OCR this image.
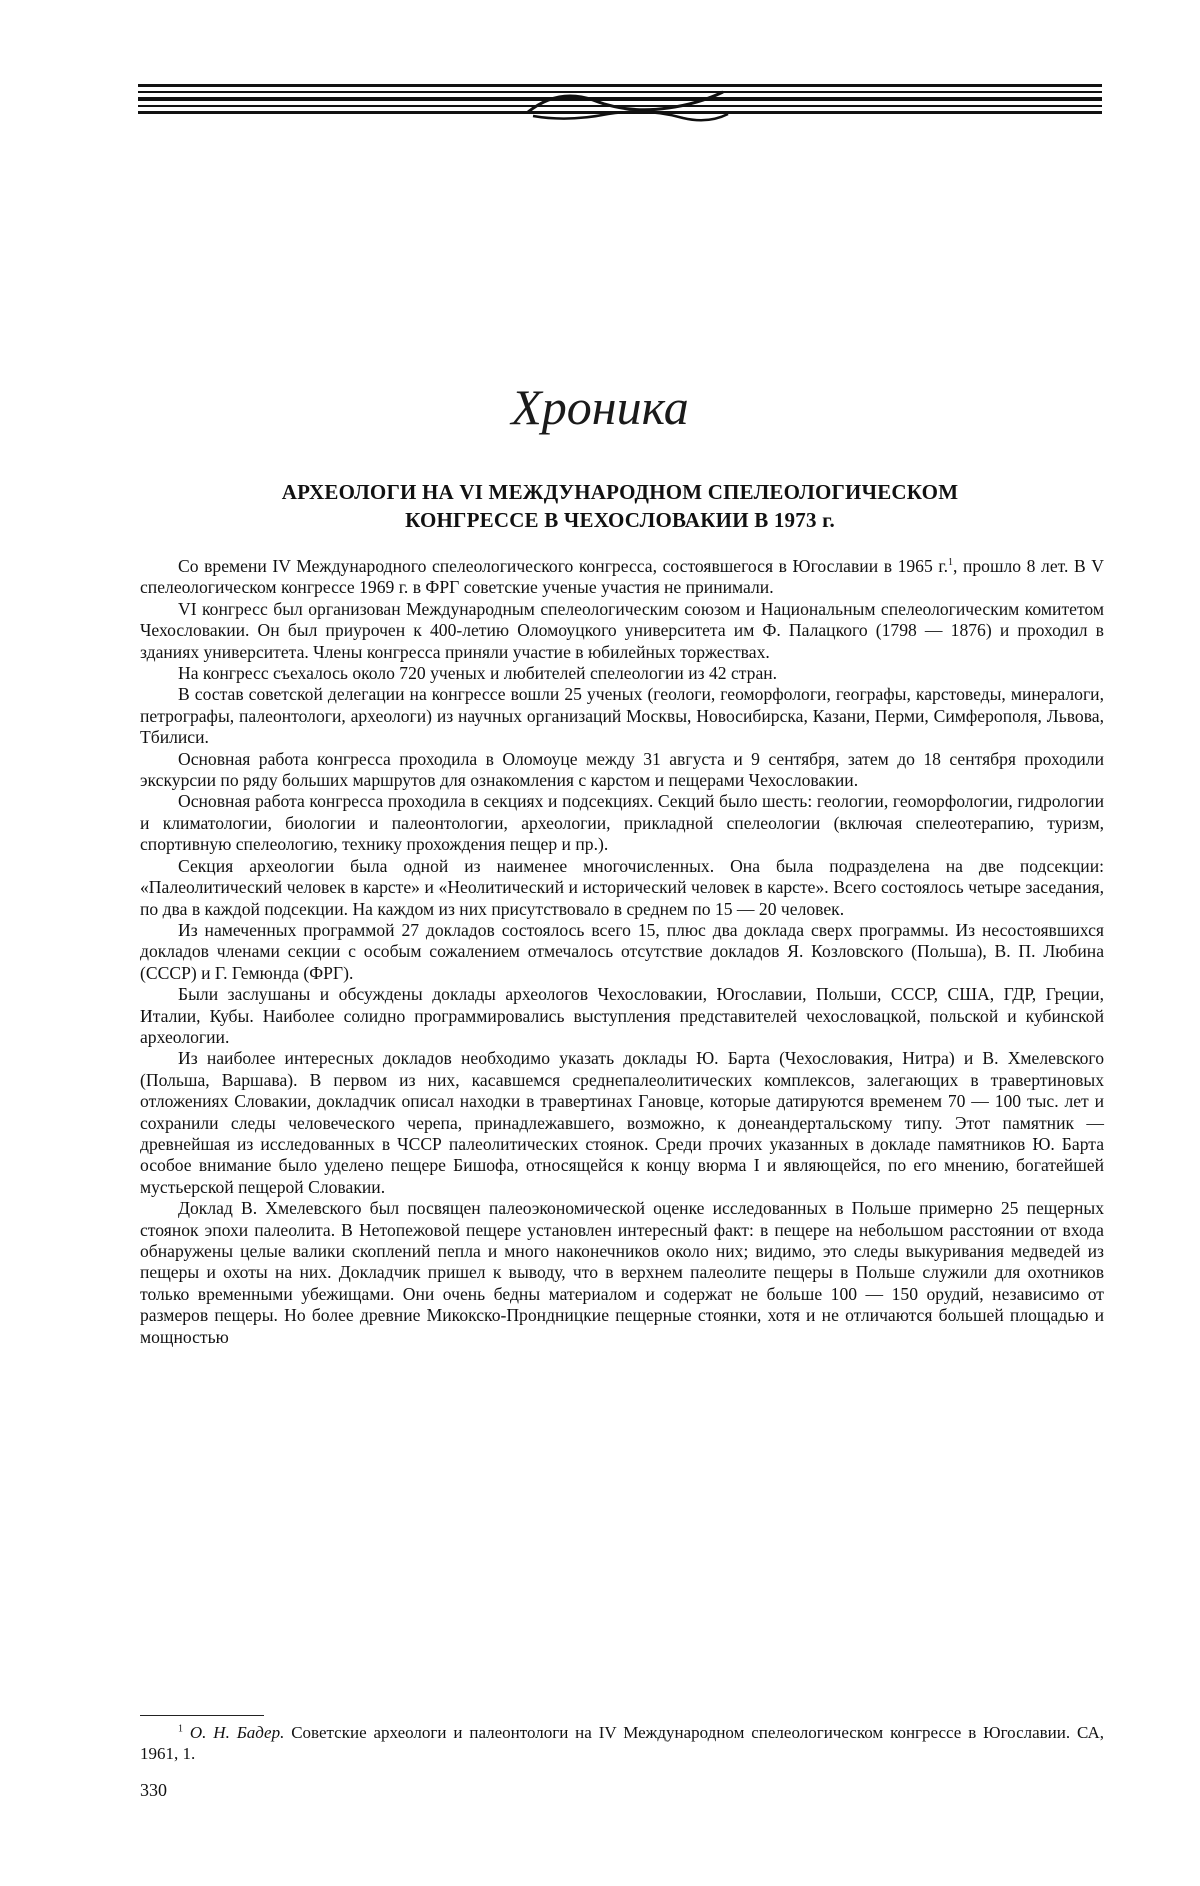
Хроника
АРХЕОЛОГИ НА VI МЕЖДУНАРОДНОМ СПЕЛЕОЛОГИЧЕСКОМ
КОНГРЕССЕ В ЧЕХОСЛОВАКИИ В 1973 г.

Со времени IV Международного спелеологического конгресса, состоявшегося в Югославии в 1965 г.$^1$, прошло 8 лет. В V спелеологическом конгрессе 1969 г. в ФРГ советские ученые участия не принимали.

VI конгресс был организован Международным спелеологическим союзом и Национальным спелеологическим комитетом Чехословакии. Он был приурочен к 400-летию Оломоуцкого университета им Ф. Палацкого (1798 — 1876) и проходил в зданиях университета. Члены конгресса приняли участие в юбилейных торжествах.

На конгресс съехалось около 720 ученых и любителей спелеологии из 42 стран.

В состав советской делегации на конгрессе вошли 25 ученых (геологи, геоморфологи, географы, карстоведы, минералоги, петрографы, палеонтологи, археологи) из научных организаций Москвы, Новосибирска, Казани, Перми, Симферополя, Львова, Тбилиси.

Основная работа конгресса проходила в Оломоуце между 31 августа и 9 сентября, затем до 18 сентября проходили экскурсии по ряду больших маршрутов для ознакомления с карстом и пещерами Чехословакии.

Основная работа конгресса проходила в секциях и подсекциях. Секций было шесть: геологии, геоморфологии, гидрологии и климатологии, биологии и палеонтологии, археологии, прикладной спелеологии (включая спелеотерапию, туризм, спортивную спелеологию, технику прохождения пещер и пр.).

Секция археологии была одной из наименее многочисленных. Она была подразделена на две подсекции: «Палеолитический человек в карсте» и «Неолитический и исторический человек в карсте». Всего состоялось четыре заседания, по два в каждой подсекции. На каждом из них присутствовало в среднем по 15 — 20 человек.

Из намеченных программой 27 докладов состоялось всего 15, плюс два доклада сверх программы. Из несостоявшихся докладов членами секции с особым сожалением отмечалось отсутствие докладов Я. Козловского (Польша), В. П. Любина (СССР) и Г. Гемюнда (ФРГ).

Были заслушаны и обсуждены доклады археологов Чехословакии, Югославии, Польши, СССР, США, ГДР, Греции, Италии, Кубы. Наиболее солидно программировались выступления представителей чехословацкой, польской и кубинской археологии.

Из наиболее интересных докладов необходимо указать доклады Ю. Барта (Чехословакия, Нитра) и В. Хмелевского (Польша, Варшава). В первом из них, касавшемся среднепалеолитических комплексов, залегающих в травертиновых отложениях Словакии, докладчик описал находки в травертинах Гановце, которые датируются временем 70 — 100 тыс. лет и сохранили следы человеческого черепа, принадлежавшего, возможно, к донеандертальскому типу. Этот памятник — древнейшая из исследованных в ЧССР палеолитических стоянок. Среди прочих указанных в докладе памятников Ю. Барта особое внимание было уделено пещере Бишофа, относящейся к концу вюрма I и являющейся, по его мнению, богатейшей мустьерской пещерой Словакии.

Доклад В. Хмелевского был посвящен палеоэкономической оценке исследованных в Польше примерно 25 пещерных стоянок эпохи палеолита. В Нетопежовой пещере установлен интересный факт: в пещере на небольшом расстоянии от входа обнаружены целые валики скоплений пепла и много наконечников около них; видимо, это следы выкуривания медведей из пещеры и охоты на них. Докладчик пришел к выводу, что в верхнем палеолите пещеры в Польше служили для охотников только временными убежищами. Они очень бедны материалом и содержат не больше 100 — 150 орудий, независимо от размеров пещеры. Но более древние Микокско-Прондницкие пещерные стоянки, хотя и не отличаются большей площадью и мощностью

$^1$ О. Н. Бадер. Советские археологи и палеонтологи на IV Международном спелеологическом конгрессе в Югославии. СА, 1961, 1.

330
